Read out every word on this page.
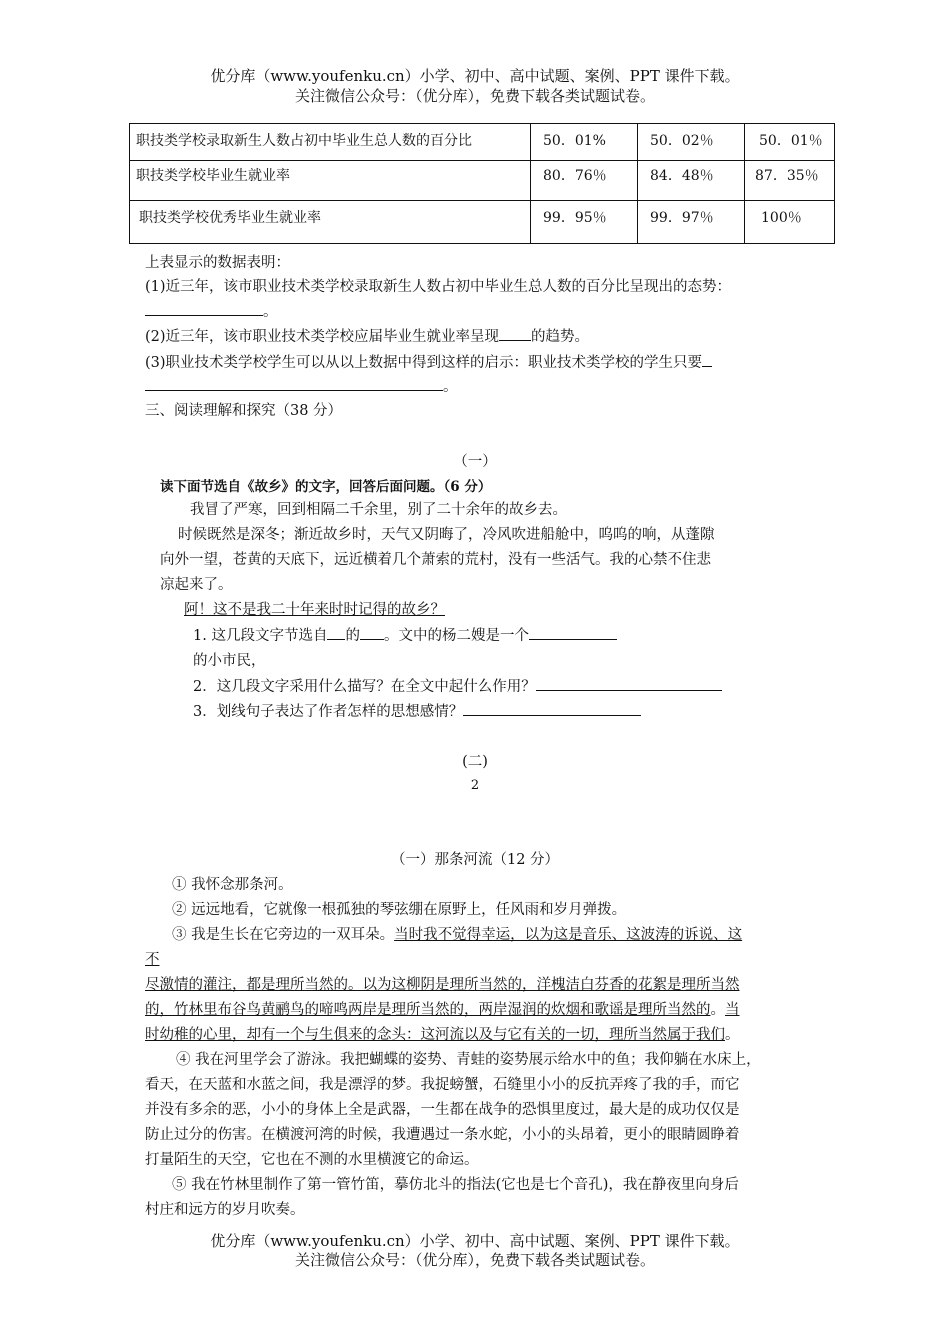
优分库（www.youfenku.cn）小学、初中、高中试题、案例、PPT 课件下载。
关注微信公众号：（优分库），免费下载各类试题试卷。
职技类学校录取新生人数占初中毕业生总人数的百分比	50．01%	50．02％	50．01％
职技类学校毕业生就业率	80．76％	84．48％	87．35％
职技类学校优秀毕业生就业率	99．95％	99．97％	100％
上表显示的数据表明：
(1)近三年，该市职业技术类学校录取新生人数占初中毕业生总人数的百分比呈现出的态势：
。
(2)近三年，该市职业技术类学校应届毕业生就业率呈现 的趋势。
(3)职业技术类学校学生可以从以上数据中得到这样的启示：职业技术类学校的学生只要
。
三、阅读理解和探究（38 分）
（一）
读下面节选自《故乡》的文字，回答后面问题。（6 分）
我冒了严寒，回到相隔二千余里，别了二十余年的故乡去。
时候既然是深冬；渐近故乡时，天气又阴晦了，冷风吹进船舱中，呜呜的响，从蓬隙
向外一望，苍黄的天底下，远近横着几个萧索的荒村，没有一些活气。我的心禁不住悲
凉起来了。
阿！这不是我二十年来时时记得的故乡？
1. 这几段文字节选自 的 。文中的杨二嫂是一个
的小市民，
2．这几段文字采用什么描写？在全文中起什么作用？
3．划线句子表达了作者怎样的思想感情？
(二)
2
（一）那条河流（12 分）
① 我怀念那条河。
② 远远地看，它就像一根孤独的琴弦绷在原野上，任风雨和岁月弹拨。
③ 我是生长在它旁边的一双耳朵。当时我不觉得幸运，以为这是音乐、这波涛的诉说、这
不
尽激情的灌注，都是理所当然的。以为这柳阴是理所当然的，洋槐洁白芬香的花絮是理所当然
的，竹林里布谷鸟黄鹂鸟的啼鸣两岸是理所当然的，两岸湿润的炊烟和歌谣是理所当然的。当
时幼稚的心里，却有一个与生俱来的念头：这河流以及与它有关的一切，理所当然属于我们。
④ 我在河里学会了游泳。我把蝴蝶的姿势、青蛙的姿势展示给水中的鱼；我仰躺在水床上，
看天，在天蓝和水蓝之间，我是漂浮的梦。我捉螃蟹，石缝里小小的反抗弄疼了我的手，而它
并没有多余的恶，小小的身体上全是武器，一生都在战争的恐惧里度过，最大是的成功仅仅是
防止过分的伤害。在横渡河湾的时候，我遭遇过一条水蛇，小小的头昂着，更小的眼睛圆睁着
打量陌生的天空，它也在不测的水里横渡它的命运。
⑤ 我在竹林里制作了第一管竹笛，摹仿北斗的指法(它也是七个音孔)，我在静夜里向身后
村庄和远方的岁月吹奏。
优分库（www.youfenku.cn）小学、初中、高中试题、案例、PPT 课件下载。
关注微信公众号：（优分库），免费下载各类试题试卷。
